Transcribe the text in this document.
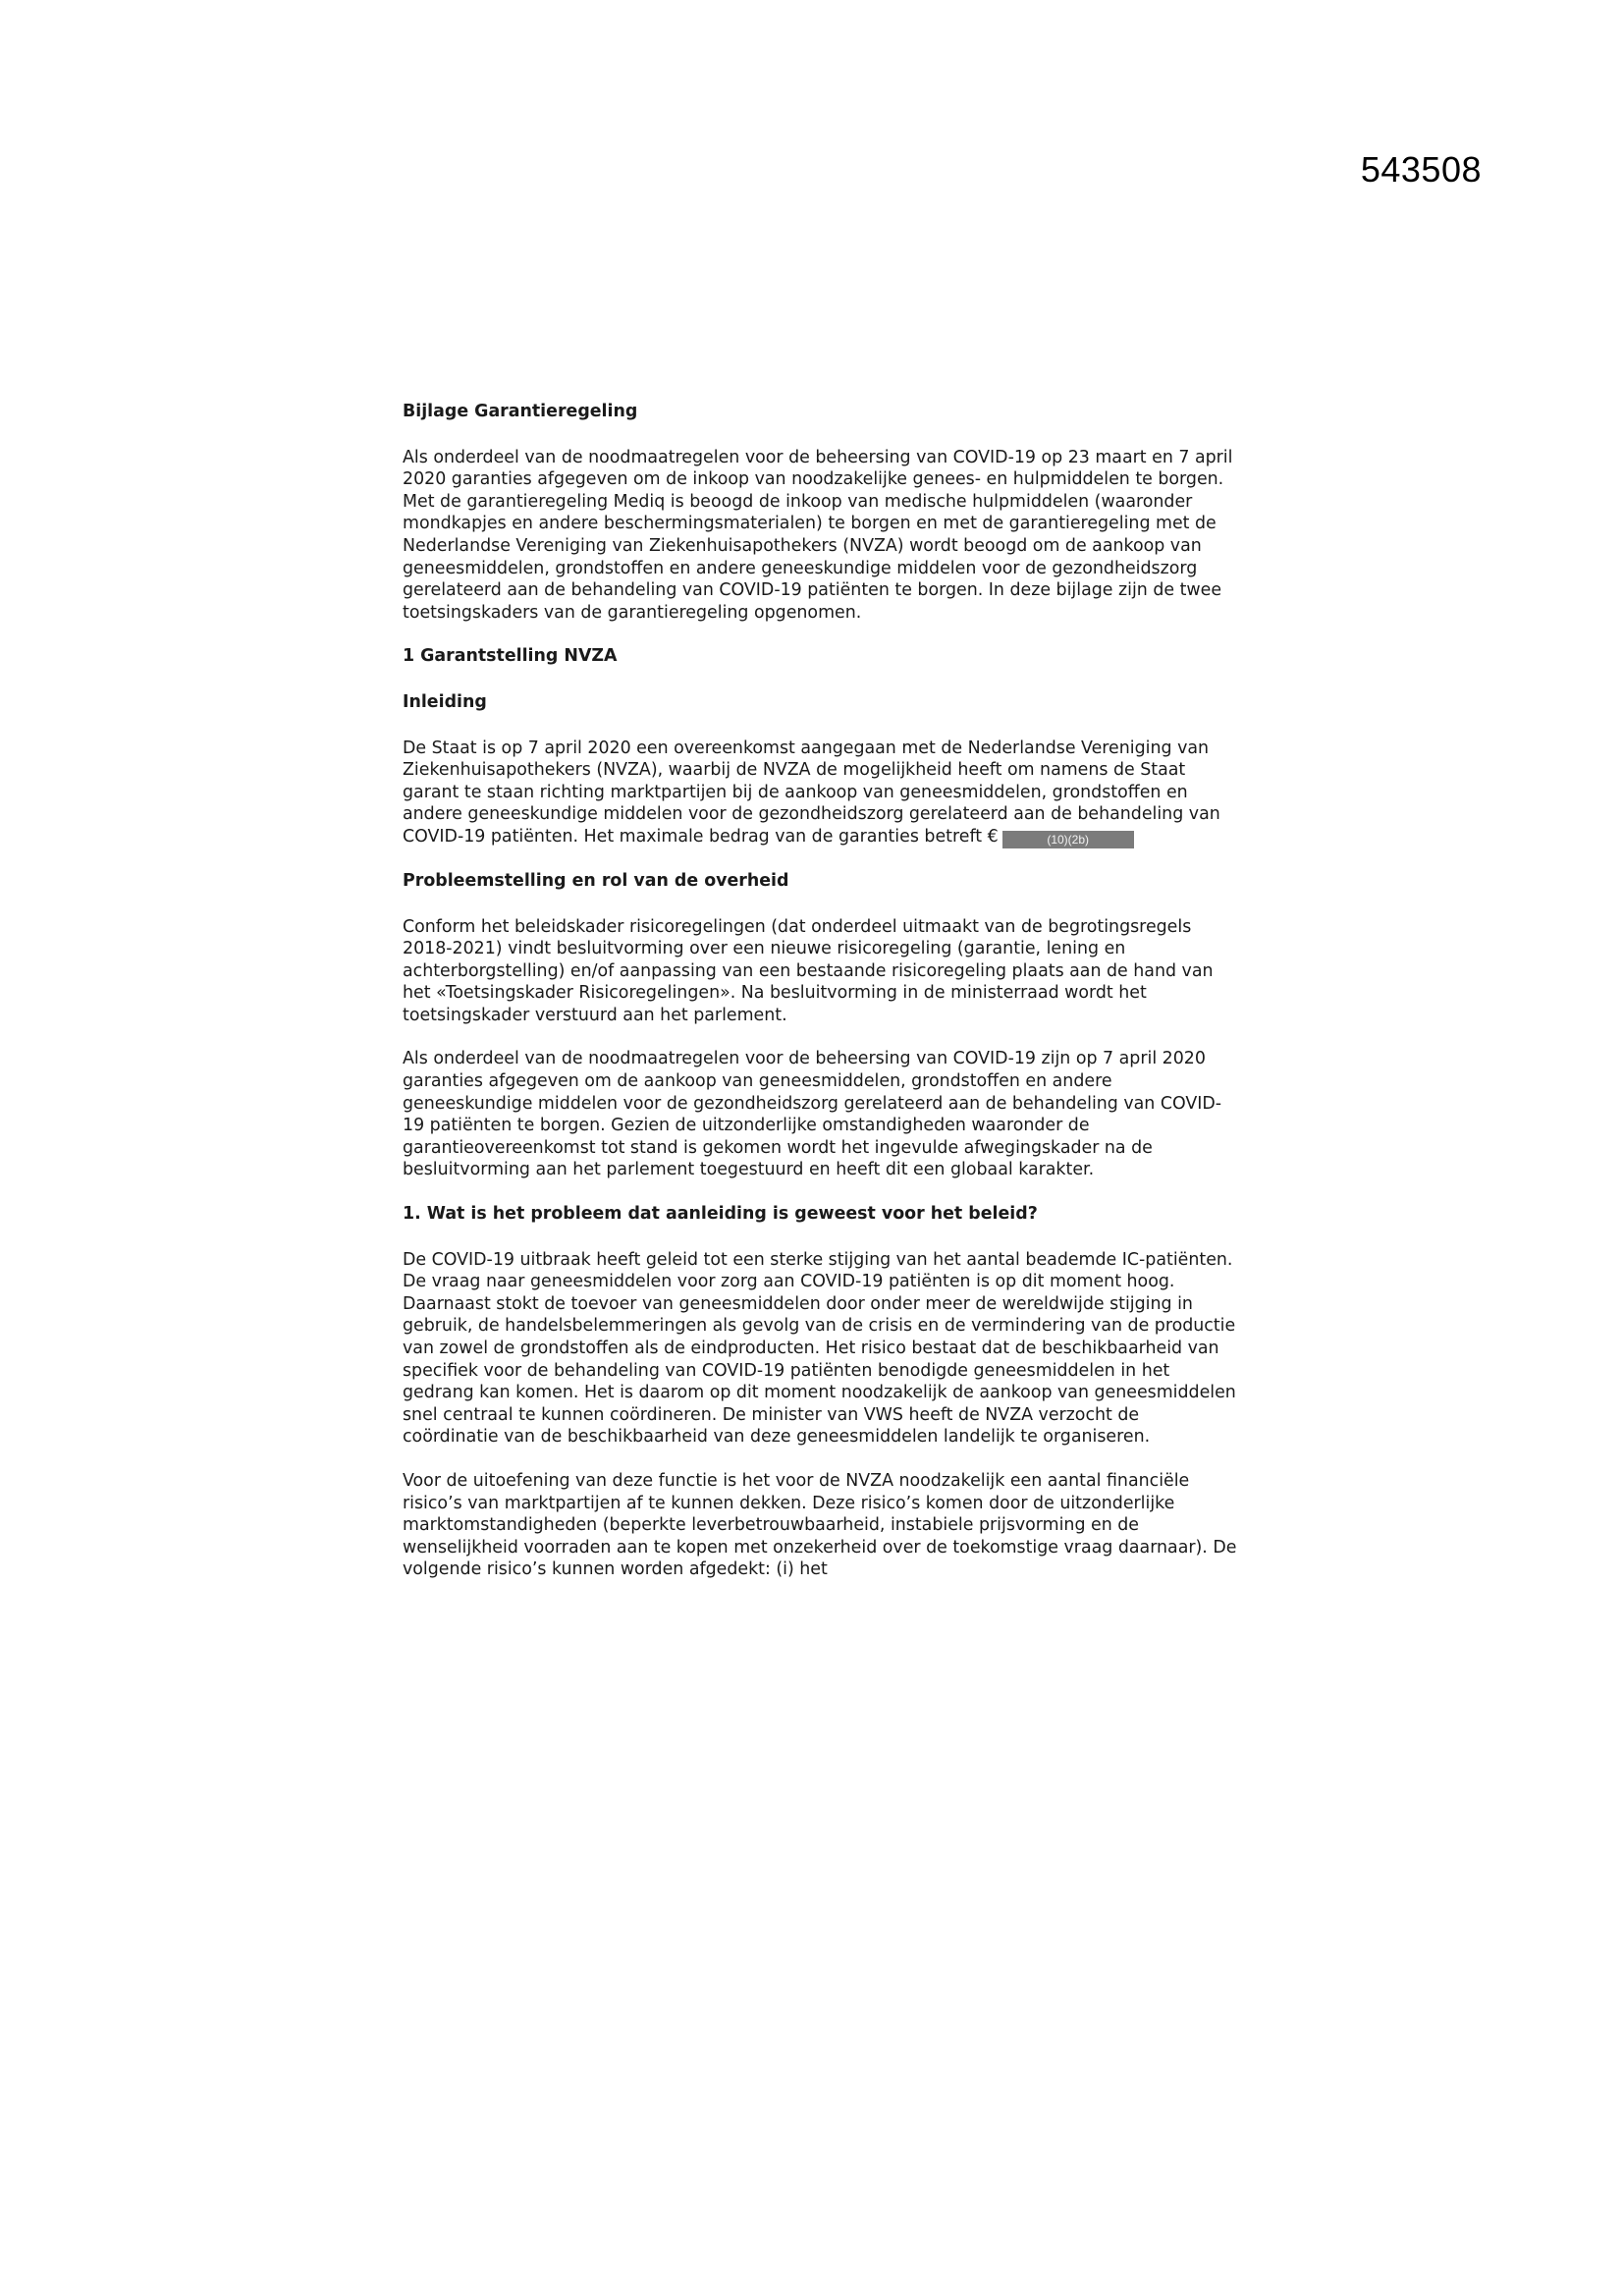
543508
Bijlage Garantieregeling

Als onderdeel van de noodmaatregelen voor de beheersing van COVID-19 op 23 maart en 7 april 2020 garanties afgegeven om de inkoop van noodzakelijke genees- en hulpmiddelen te borgen. Met de garantieregeling Mediq is beoogd de inkoop van medische hulpmiddelen (waaronder mondkapjes en andere beschermingsmaterialen) te borgen en met de garantieregeling met de Nederlandse Vereniging van Ziekenhuisapothekers (NVZA) wordt beoogd om de aankoop van geneesmiddelen, grondstoffen en andere geneeskundige middelen voor de gezondheidszorg gerelateerd aan de behandeling van COVID-19 patiënten te borgen. In deze bijlage zijn de twee toetsingskaders van de garantieregeling opgenomen.

1 Garantstelling NVZA
Inleiding

De Staat is op 7 april 2020 een overeenkomst aangegaan met de Nederlandse Vereniging van Ziekenhuisapothekers (NVZA), waarbij de NVZA de mogelijkheid heeft om namens de Staat garant te staan richting marktpartijen bij de aankoop van geneesmiddelen, grondstoffen en andere geneeskundige middelen voor de gezondheidszorg gerelateerd aan de behandeling van COVID-19 patiënten. Het maximale bedrag van de garanties betreft €	(10)(2b)

Probleemstelling en rol van de overheid

Conform het beleidskader risicoregelingen (dat onderdeel uitmaakt van de begrotingsregels 2018-2021) vindt besluitvorming over een nieuwe risicoregeling (garantie, lening en achterborgstelling) en/of aanpassing van een bestaande risicoregeling plaats aan de hand van het «Toetsingskader Risicoregelingen». Na besluitvorming in de ministerraad wordt het toetsingskader verstuurd aan het parlement.

Als onderdeel van de noodmaatregelen voor de beheersing van COVID-19 zijn op 7 april 2020 garanties afgegeven om de aankoop van geneesmiddelen, grondstoffen en andere geneeskundige middelen voor de gezondheidszorg gerelateerd aan de behandeling van COVID-19 patiënten te borgen. Gezien de uitzonderlijke omstandigheden waaronder de garantieovereenkomst tot stand is gekomen wordt het ingevulde afwegingskader na de besluitvorming aan het parlement toegestuurd en heeft dit een globaal karakter.

1. Wat is het probleem dat aanleiding is geweest voor het beleid?

De COVID-19 uitbraak heeft geleid tot een sterke stijging van het aantal beademde IC-patiënten. De vraag naar geneesmiddelen voor zorg aan COVID-19 patiënten is op dit moment hoog. Daarnaast stokt de toevoer van geneesmiddelen door onder meer de wereldwijde stijging in gebruik, de handelsbelemmeringen als gevolg van de crisis en de vermindering van de productie van zowel de grondstoffen als de eindproducten. Het risico bestaat dat de beschikbaarheid van specifiek voor de behandeling van COVID-19 patiënten benodigde geneesmiddelen in het gedrang kan komen. Het is daarom op dit moment noodzakelijk de aankoop van geneesmiddelen snel centraal te kunnen coördineren. De minister van VWS heeft de NVZA verzocht de coördinatie van de beschikbaarheid van deze geneesmiddelen landelijk te organiseren.

Voor de uitoefening van deze functie is het voor de NVZA noodzakelijk een aantal financiële risico’s van marktpartijen af te kunnen dekken. Deze risico’s komen door de uitzonderlijke marktomstandigheden (beperkte leverbetrouwbaarheid, instabiele prijsvorming en de wenselijkheid voorraden aan te kopen met onzekerheid over de toekomstige vraag daarnaar). De volgende risico’s kunnen worden afgedekt: (i) het
